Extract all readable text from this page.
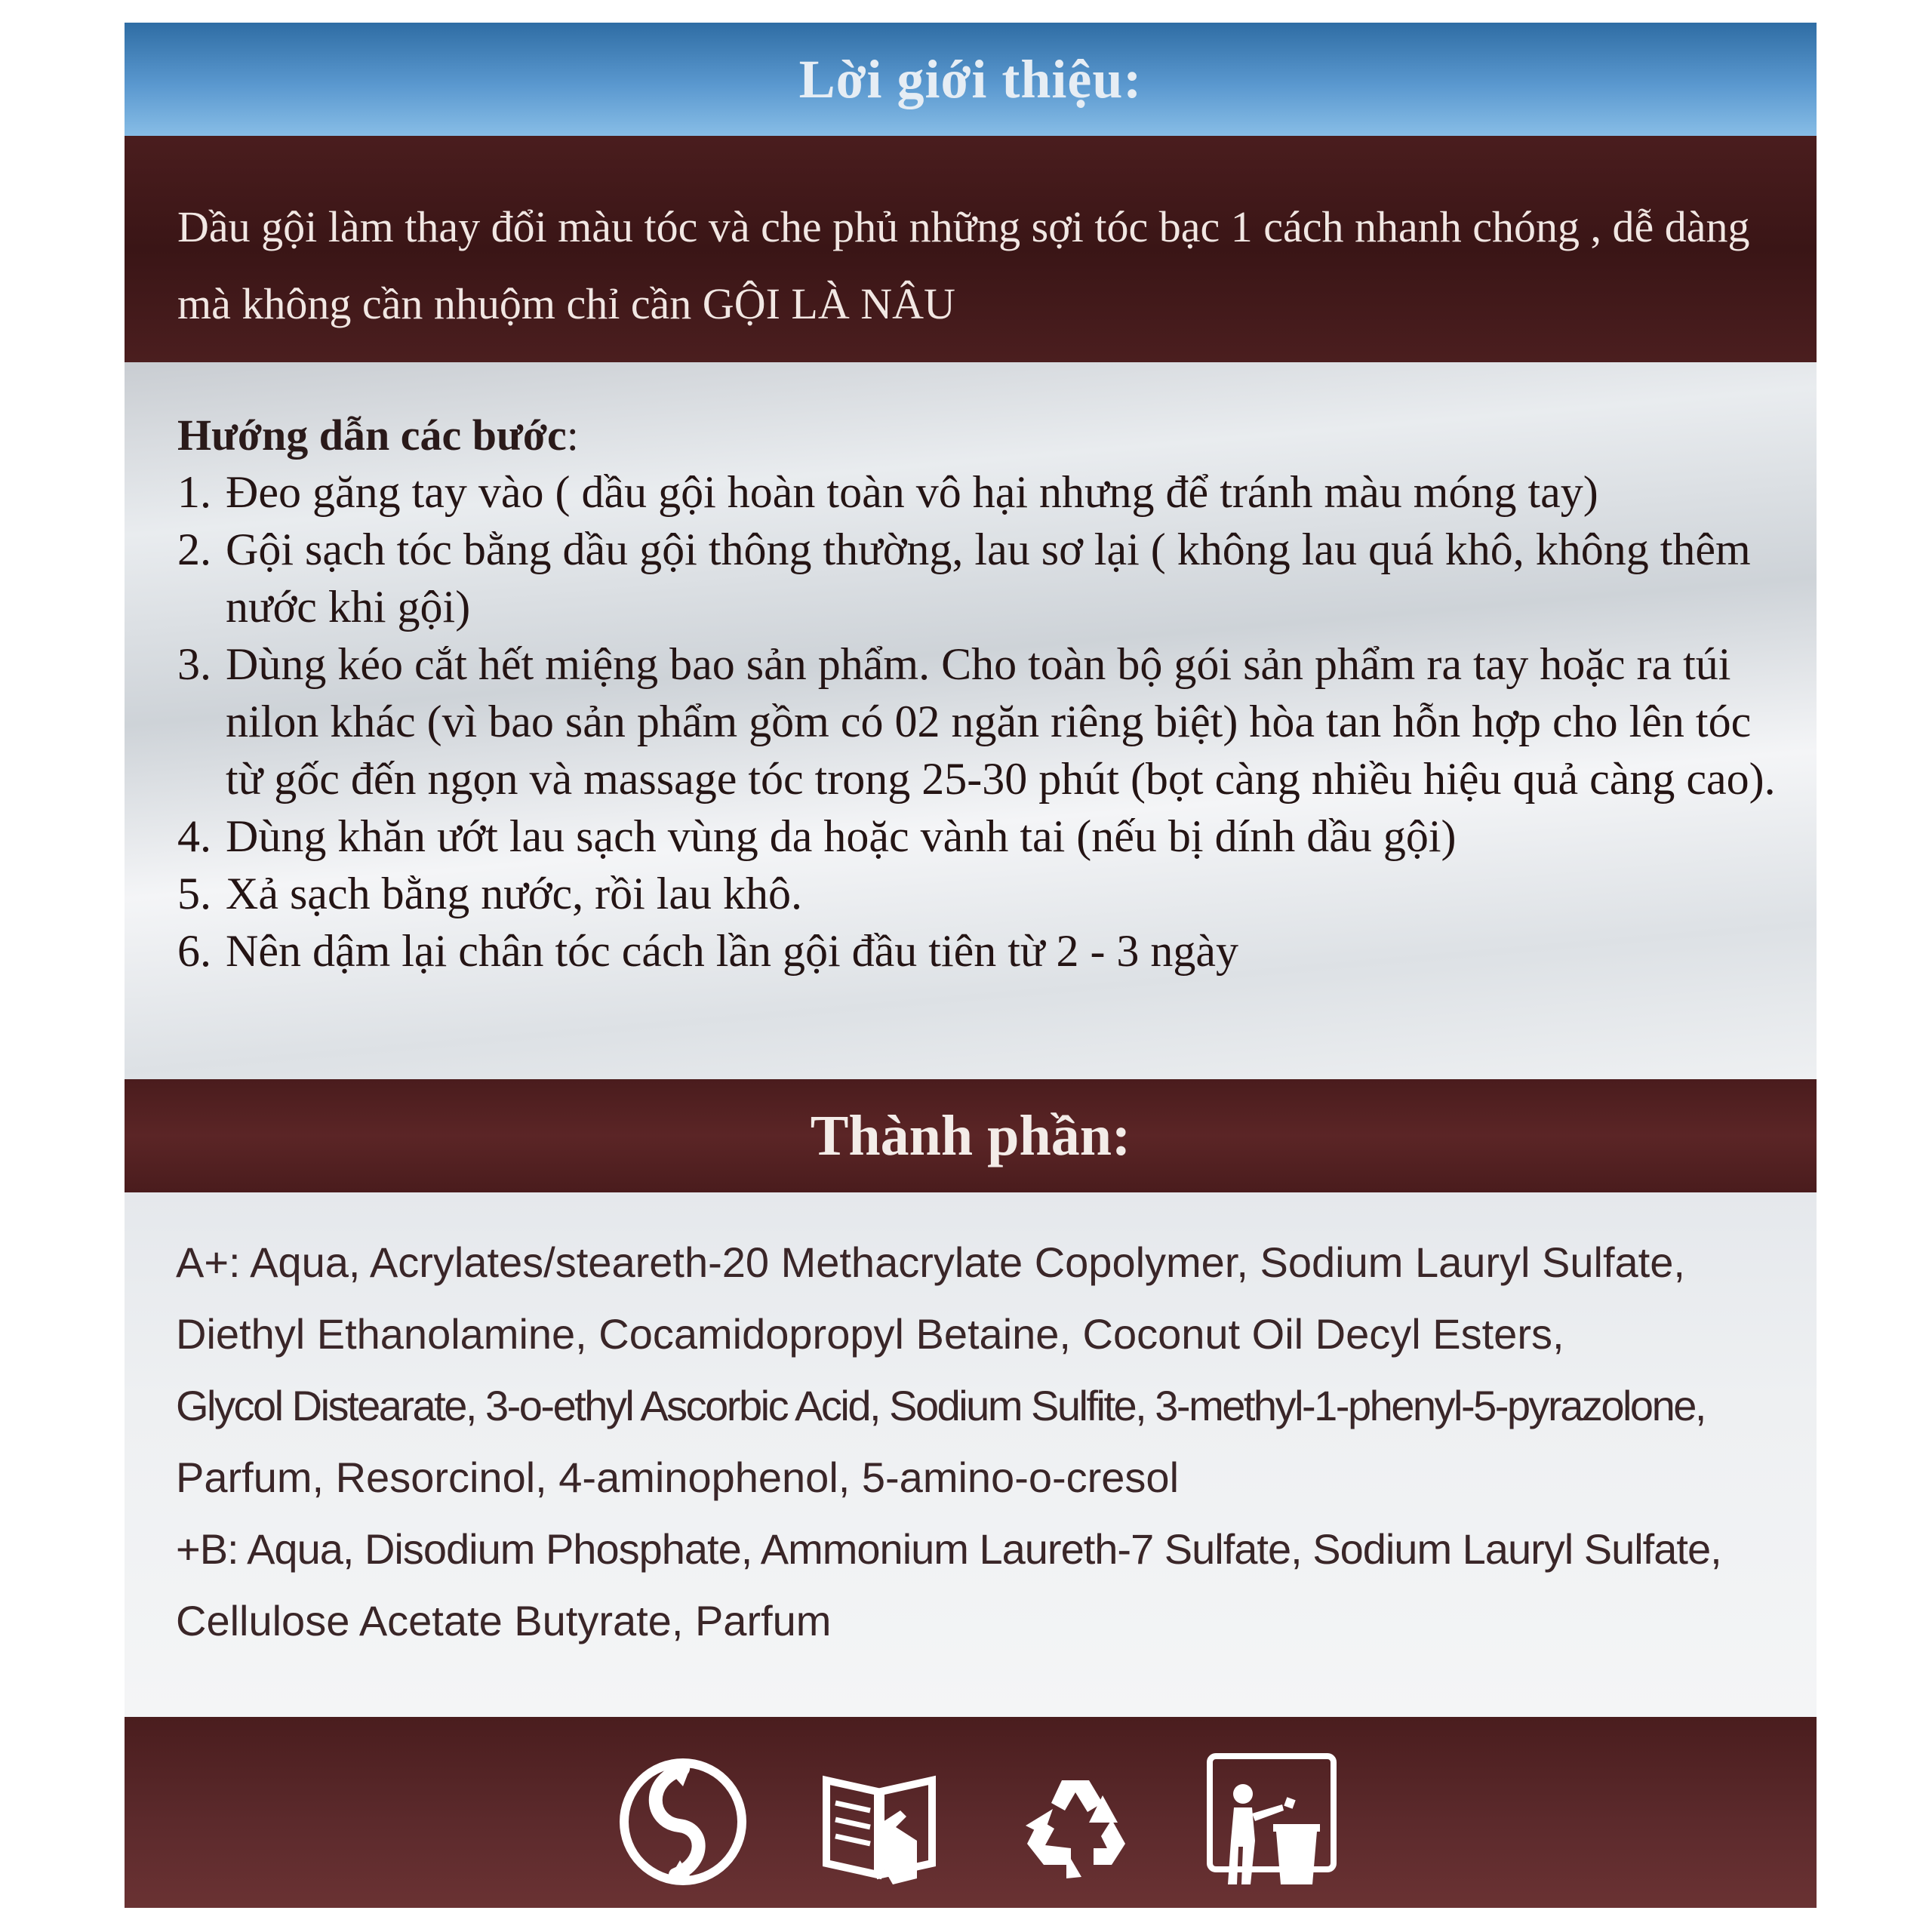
Lời giới thiệu:

Dầu gội làm thay đổi màu tóc và che phủ những sợi tóc bạc 1 cách nhanh chóng , dễ dàng mà không cần nhuộm chỉ cần GỘI LÀ NÂU

Hướng dẫn các bước:
1. Đeo găng tay vào ( dầu gội hoàn toàn vô hại nhưng để tránh màu móng tay)
2. Gội sạch tóc bằng dầu gội thông thường, lau sơ lại ( không lau quá khô, không thêm nước khi gội)
3. Dùng kéo cắt hết miệng bao sản phẩm. Cho toàn bộ gói sản phẩm ra tay hoặc ra túi nilon khác (vì bao sản phẩm gồm có 02 ngăn riêng biệt) hòa tan hỗn hợp cho lên tóc từ gốc đến ngọn và massage tóc trong 25-30 phút (bọt càng nhiều hiệu quả càng cao).
4. Dùng khăn ướt lau sạch vùng da hoặc vành tai (nếu bị dính dầu gội)
5. Xả sạch bằng nước, rồi lau khô.
6. Nên dậm lại chân tóc cách lần gội đầu tiên từ 2 - 3 ngày
Thành phần:
A+: Aqua, Acrylates/steareth-20 Methacrylate Copolymer, Sodium Lauryl Sulfate,
Diethyl Ethanolamine, Cocamidopropyl Betaine, Coconut Oil Decyl Esters,
Glycol Distearate, 3-o-ethyl Ascorbic Acid, Sodium Sulfite, 3-methyl-1-phenyl-5-pyrazolone,
Parfum, Resorcinol, 4-aminophenol, 5-amino-o-cresol
+B: Aqua, Disodium Phosphate, Ammonium Laureth-7 Sulfate, Sodium Lauryl Sulfate,
Cellulose Acetate Butyrate, Parfum
